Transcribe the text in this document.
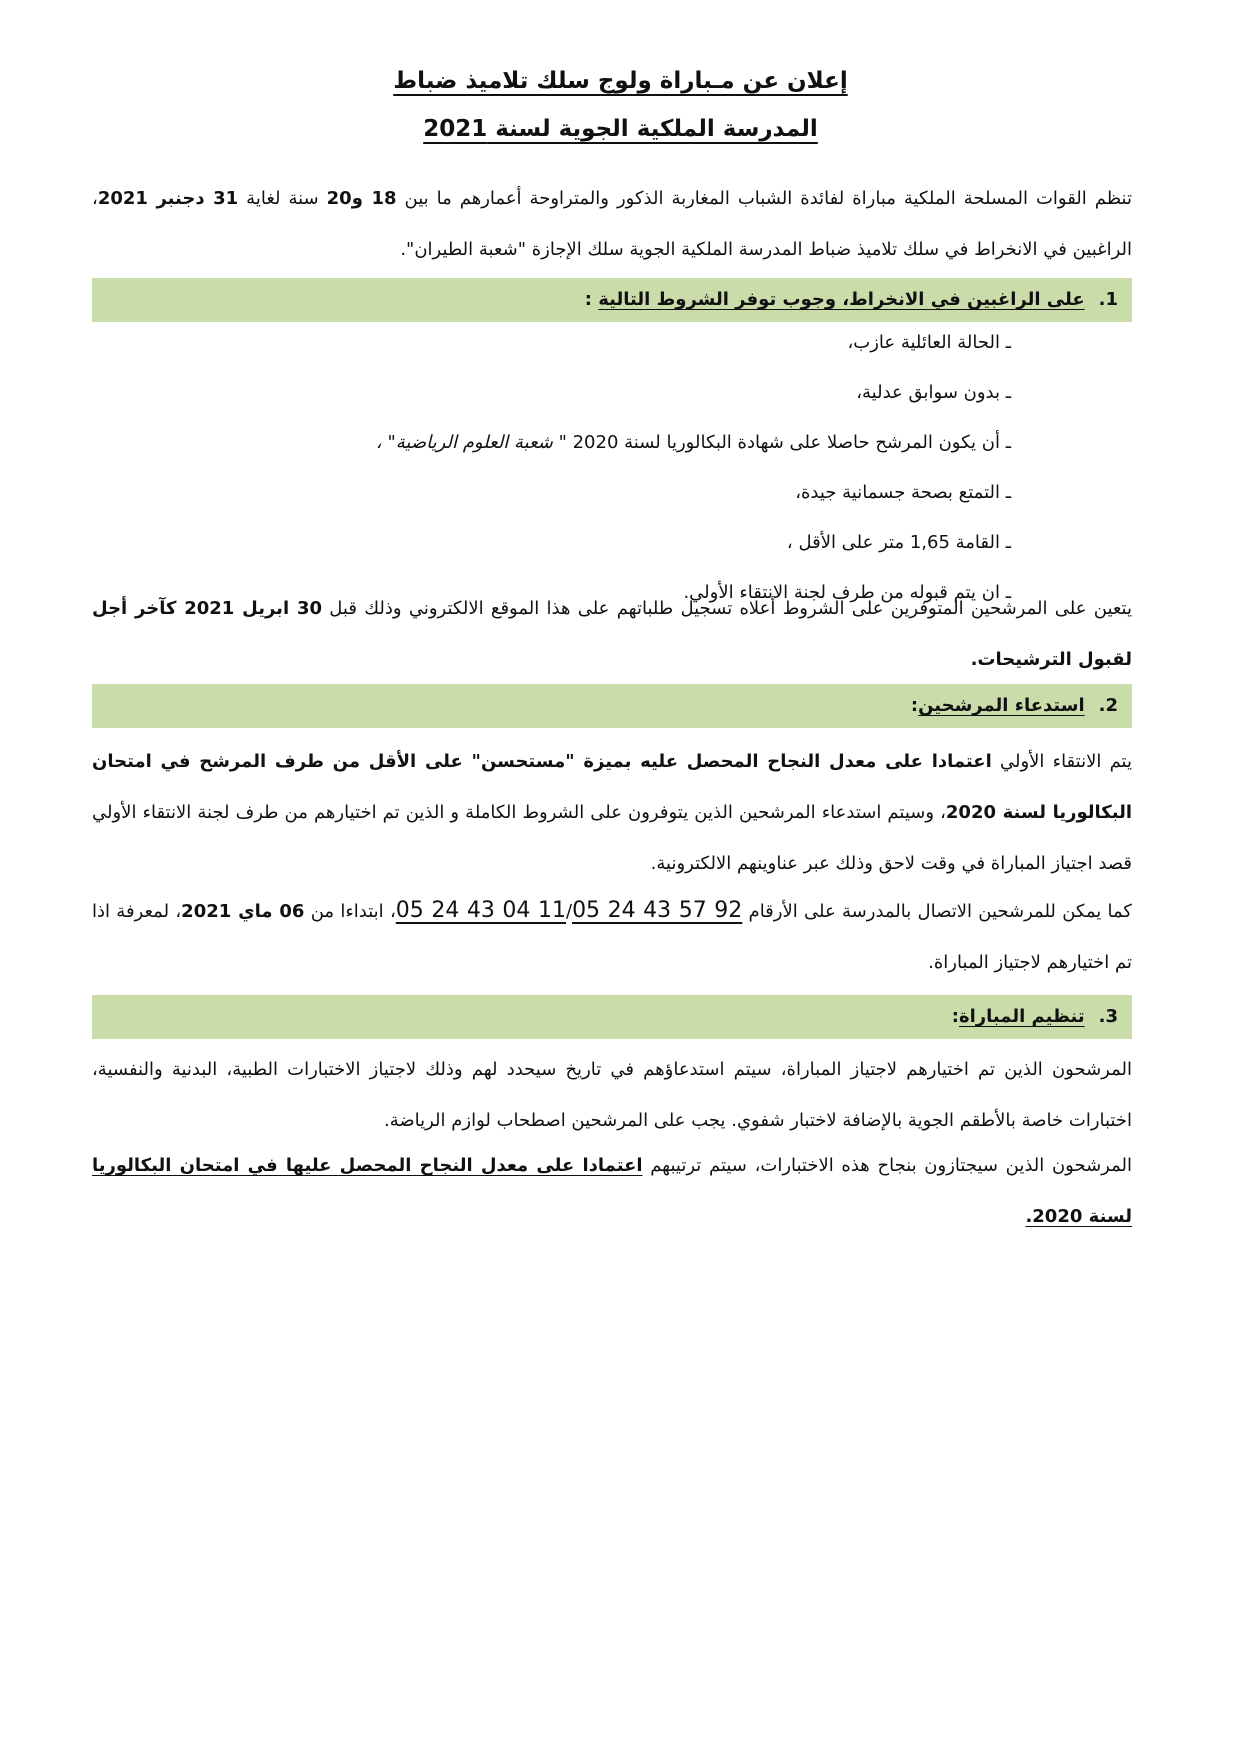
إعلان عن مـباراة ولوج سلك تلاميذ ضباط
المدرسة الملكية الجوية لسنة 2021
تنظم القوات المسلحة الملكية مباراة لفائدة الشباب المغاربة الذكور والمتراوحة أعمارهم ما بين 18 و20 سنة لغاية 31 دجنبر 2021، الراغبين في الانخراط في سلك تلاميذ ضباط المدرسة الملكية الجوية سلك الإجازة "شعبة الطيران".
1.على الراغبين في الانخراط، وجوب توفر الشروط التالية :
ـ الحالة العائلية عازب،
ـ بدون سوابق عدلية،
ـ أن يكون المرشح حاصلا على شهادة البكالوريا لسنة 2020 " شعبة العلوم الرياضية" ،
ـ التمتع بصحة جسمانية جيدة،
ـ القامة 1,65 متر على الأقل ،
ـ ان يتم قبوله من طرف لجنة الانتقاء الأولي.
يتعين على المرشحين المتوفرين على الشروط أعلاه تسجيل طلباتهم على هذا الموقع الالكتروني وذلك قبل 30 ابريل 2021 كآخر أجل لقبول الترشيحات.
2.استدعاء المرشحين:
يتم الانتقاء الأولي اعتمادا على معدل النجاح المحصل عليه بميزة "مستحسن" على الأقل من طرف المرشح في امتحان البكالوريا لسنة 2020، وسيتم استدعاء المرشحين الذين يتوفرون على الشروط الكاملة و الذين تم اختيارهم من طرف لجنة الانتقاء الأولي قصد اجتياز المباراة في وقت لاحق وذلك عبر عناوينهم الالكترونية.
كما يمكن للمرشحين الاتصال بالمدرسة على الأرقام 05 24 43 04 11/05 24 43 57 92، ابتداءا من 06 ماي 2021، لمعرفة اذا تم اختيارهم لاجتياز المباراة.
3.تنظيم المباراة:
المرشحون الذين تم اختيارهم لاجتياز المباراة، سيتم استدعاؤهم في تاريخ سيحدد لهم وذلك لاجتياز الاختبارات الطبية، البدنية والنفسية، اختبارات خاصة بالأطقم الجوية بالإضافة لاختبار شفوي. يجب على المرشحين اصطحاب لوازم الرياضة.
المرشحون الذين سيجتازون بنجاح هذه الاختبارات، سيتم ترتيبهم اعتمادا على معدل النجاح المحصل عليها في امتحان البكالوريا لسنة 2020.
